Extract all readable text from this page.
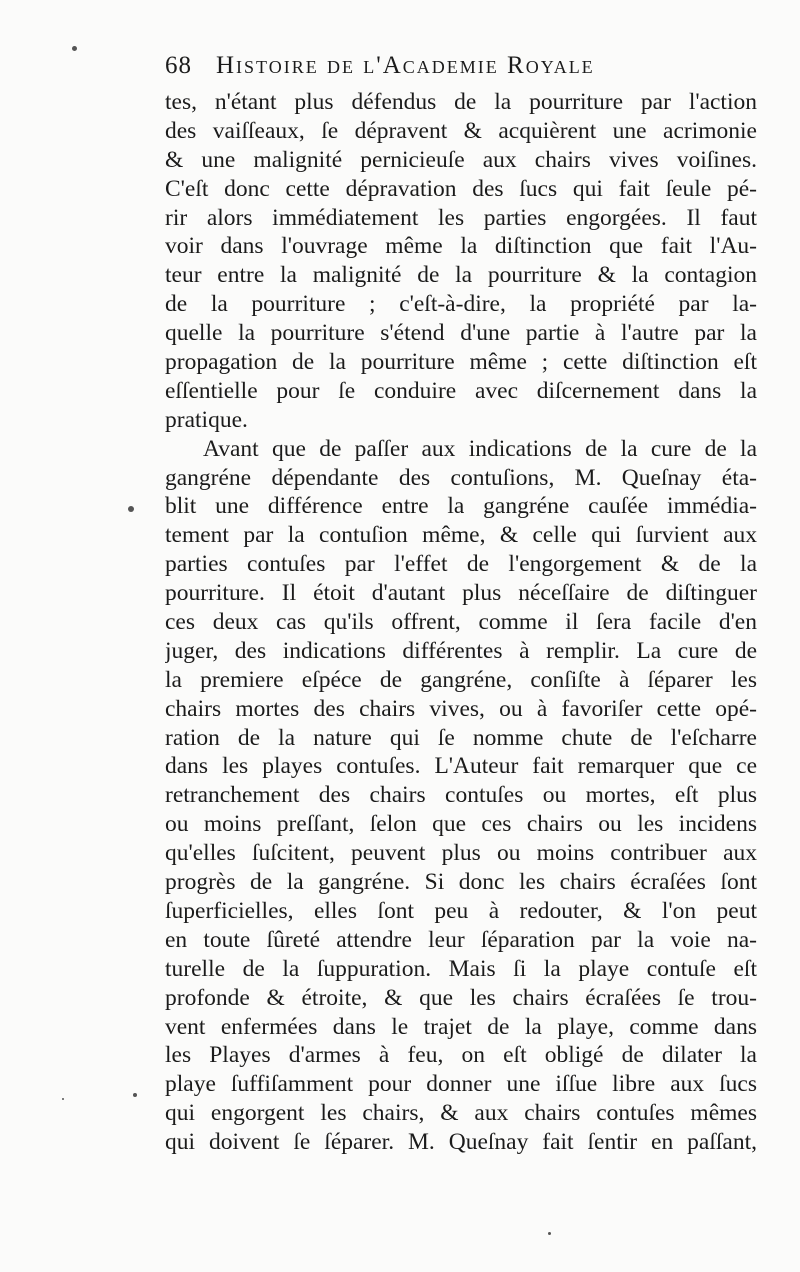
68 Histoire de l'Academie Royale
tes, n'étant plus défendus de la pourriture par l'action
des vaiſſeaux, ſe dépravent & acquièrent une acrimonie
& une malignité pernicieuſe aux chairs vives voiſines.
C'eſt donc cette dépravation des ſucs qui fait ſeule pé-
rir alors immédiatement les parties engorgées. Il faut
voir dans l'ouvrage même la diſtinction que fait l'Au-
teur entre la malignité de la pourriture & la contagion
de la pourriture ; c'eſt-à-dire, la propriété par la-
quelle la pourriture s'étend d'une partie à l'autre par la
propagation de la pourriture même ; cette diſtinction eſt
eſſentielle pour ſe conduire avec diſcernement dans la
pratique.
Avant que de paſſer aux indications de la cure de la
gangréne dépendante des contuſions, M. Queſnay éta-
blit une différence entre la gangréne cauſée immédia-
tement par la contuſion même, & celle qui ſurvient aux
parties contuſes par l'effet de l'engorgement & de la
pourriture. Il étoit d'autant plus néceſſaire de diſtinguer
ces deux cas qu'ils offrent, comme il ſera facile d'en
juger, des indications différentes à remplir. La cure de
la premiere eſpéce de gangréne, conſiſte à ſéparer les
chairs mortes des chairs vives, ou à favoriſer cette opé-
ration de la nature qui ſe nomme chute de l'eſcharre
dans les playes contuſes. L'Auteur fait remarquer que ce
retranchement des chairs contuſes ou mortes, eſt plus
ou moins preſſant, ſelon que ces chairs ou les incidens
qu'elles ſuſcitent, peuvent plus ou moins contribuer aux
progrès de la gangréne. Si donc les chairs écraſées ſont
ſuperficielles, elles ſont peu à redouter, & l'on peut
en toute ſûreté attendre leur ſéparation par la voie na-
turelle de la ſuppuration. Mais ſi la playe contuſe eſt
profonde & étroite, & que les chairs écraſées ſe trou-
vent enfermées dans le trajet de la playe, comme dans
les Playes d'armes à feu, on eſt obligé de dilater la
playe ſuffiſamment pour donner une iſſue libre aux ſucs
qui engorgent les chairs, & aux chairs contuſes mêmes
qui doivent ſe ſéparer. M. Queſnay fait ſentir en paſſant,
